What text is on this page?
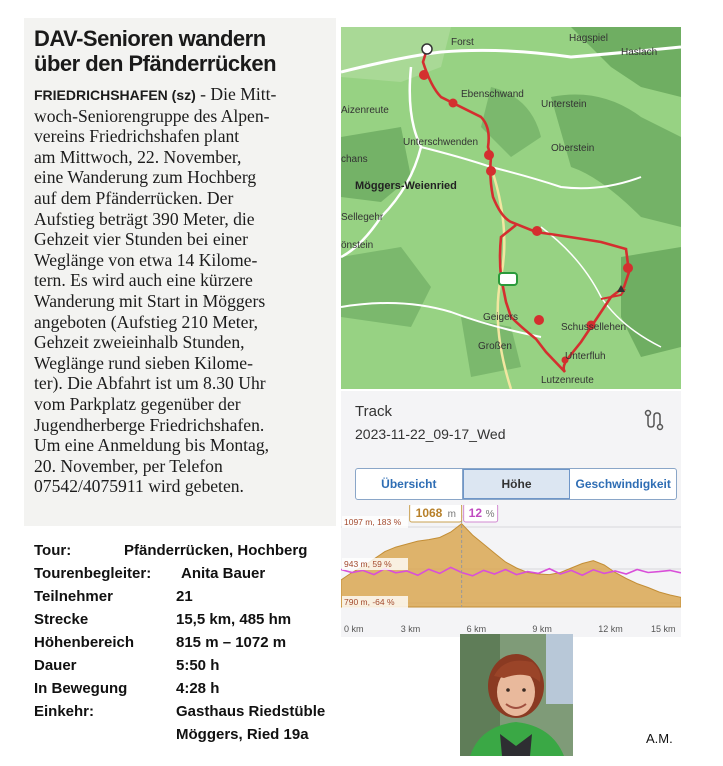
DAV-Senioren wandern
über den Pfänderrücken
FRIEDRICHSHAFEN (sz) - Die Mitt-
woch-Seniorengruppe des Alpen-
vereins Friedrichshafen plant
am Mittwoch, 22. November,
eine Wanderung zum Hochberg
auf dem Pfänderrücken. Der
Aufstieg beträgt 390 Meter, die
Gehzeit vier Stunden bei einer
Weglänge von etwa 14 Kilome-
tern. Es wird auch eine kürzere
Wanderung mit Start in Möggers
angeboten (Aufstieg 210 Meter,
Gehzeit zweieinhalb Stunden,
Weglänge rund sieben Kilome-
ter). Die Abfahrt ist um 8.30 Uhr
vom Parkplatz gegenüber der
Jugendherberge Friedrichshafen.
Um eine Anmeldung bis Montag,
20. November, per Telefon
07542/4075911 wird gebeten.
Tour:	Pfänderrücken, Hochberg
Tourenbegleiter: Anita Bauer
Teilnehmer	21
Strecke	15,5 km, 485 hm
Höhenbereich	815 m – 1072 m
Dauer	5:50 h
In Bewegung	4:28 h
Einkehr:	Gasthaus Riedstüble
Möggers, Ried 19a
Forst	Hagspiel
Haslach
Ebenschwand
Aizenreute
Unterstein
Unterschwenden
Oberstein
chans
Möggers-Weienried
Sellegehr
önstein
Geigers
Schussellehen
Großen
Unterfluh
Lutzenreute
Track
2023-11-22_09-17_Wed
Übersicht	Höhe	Geschwindigkeit
1068 m 12 %
1097 m, 183 %
943 m, 59 %
790 m, -64 %
0 km	3 km	6 km	9 km	12 km	15 km
A.M.
